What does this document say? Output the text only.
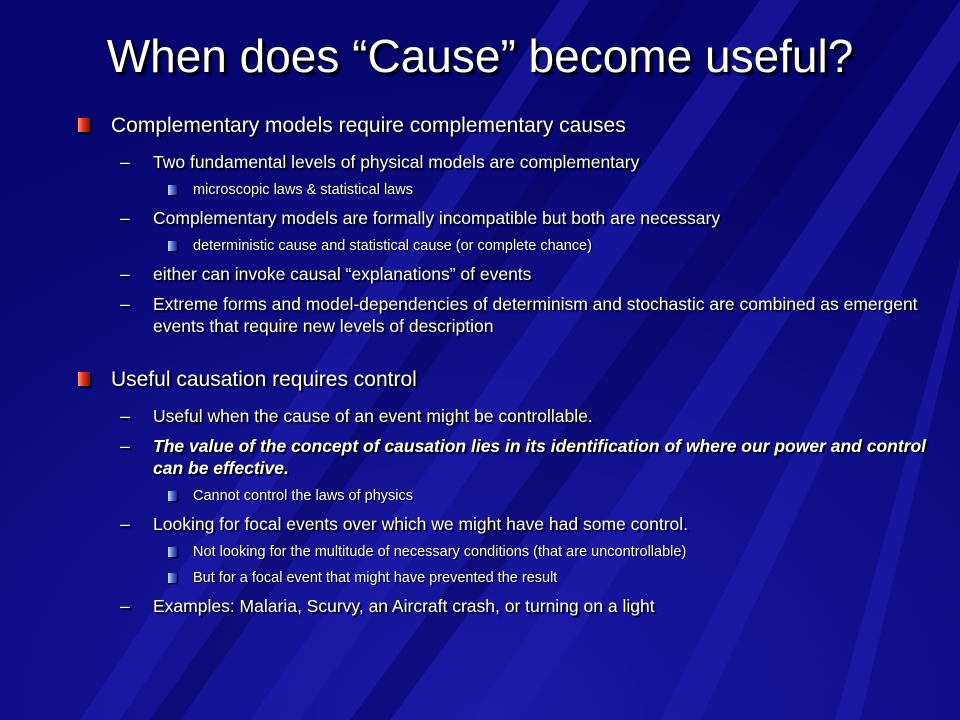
When does “Cause” become useful?
Complementary models require complementary causes
– Two fundamental levels of physical models are complementary
microscopic laws & statistical laws
– Complementary models are formally incompatible but both are necessary
deterministic cause and statistical cause (or complete chance)
– either can invoke causal “explanations” of events
– Extreme forms and model-dependencies of determinism and stochastic are combined as emergent events that require new levels of description
Useful causation requires control
– Useful when the cause of an event might be controllable.
– The value of the concept of causation lies in its identification of where our power and control can be effective.
Cannot control the laws of physics
– Looking for focal events over which we might have had some control.
Not looking for the multitude of necessary conditions (that are uncontrollable)
But for a focal event that might have prevented the result
– Examples: Malaria, Scurvy, an Aircraft crash, or turning on a light
